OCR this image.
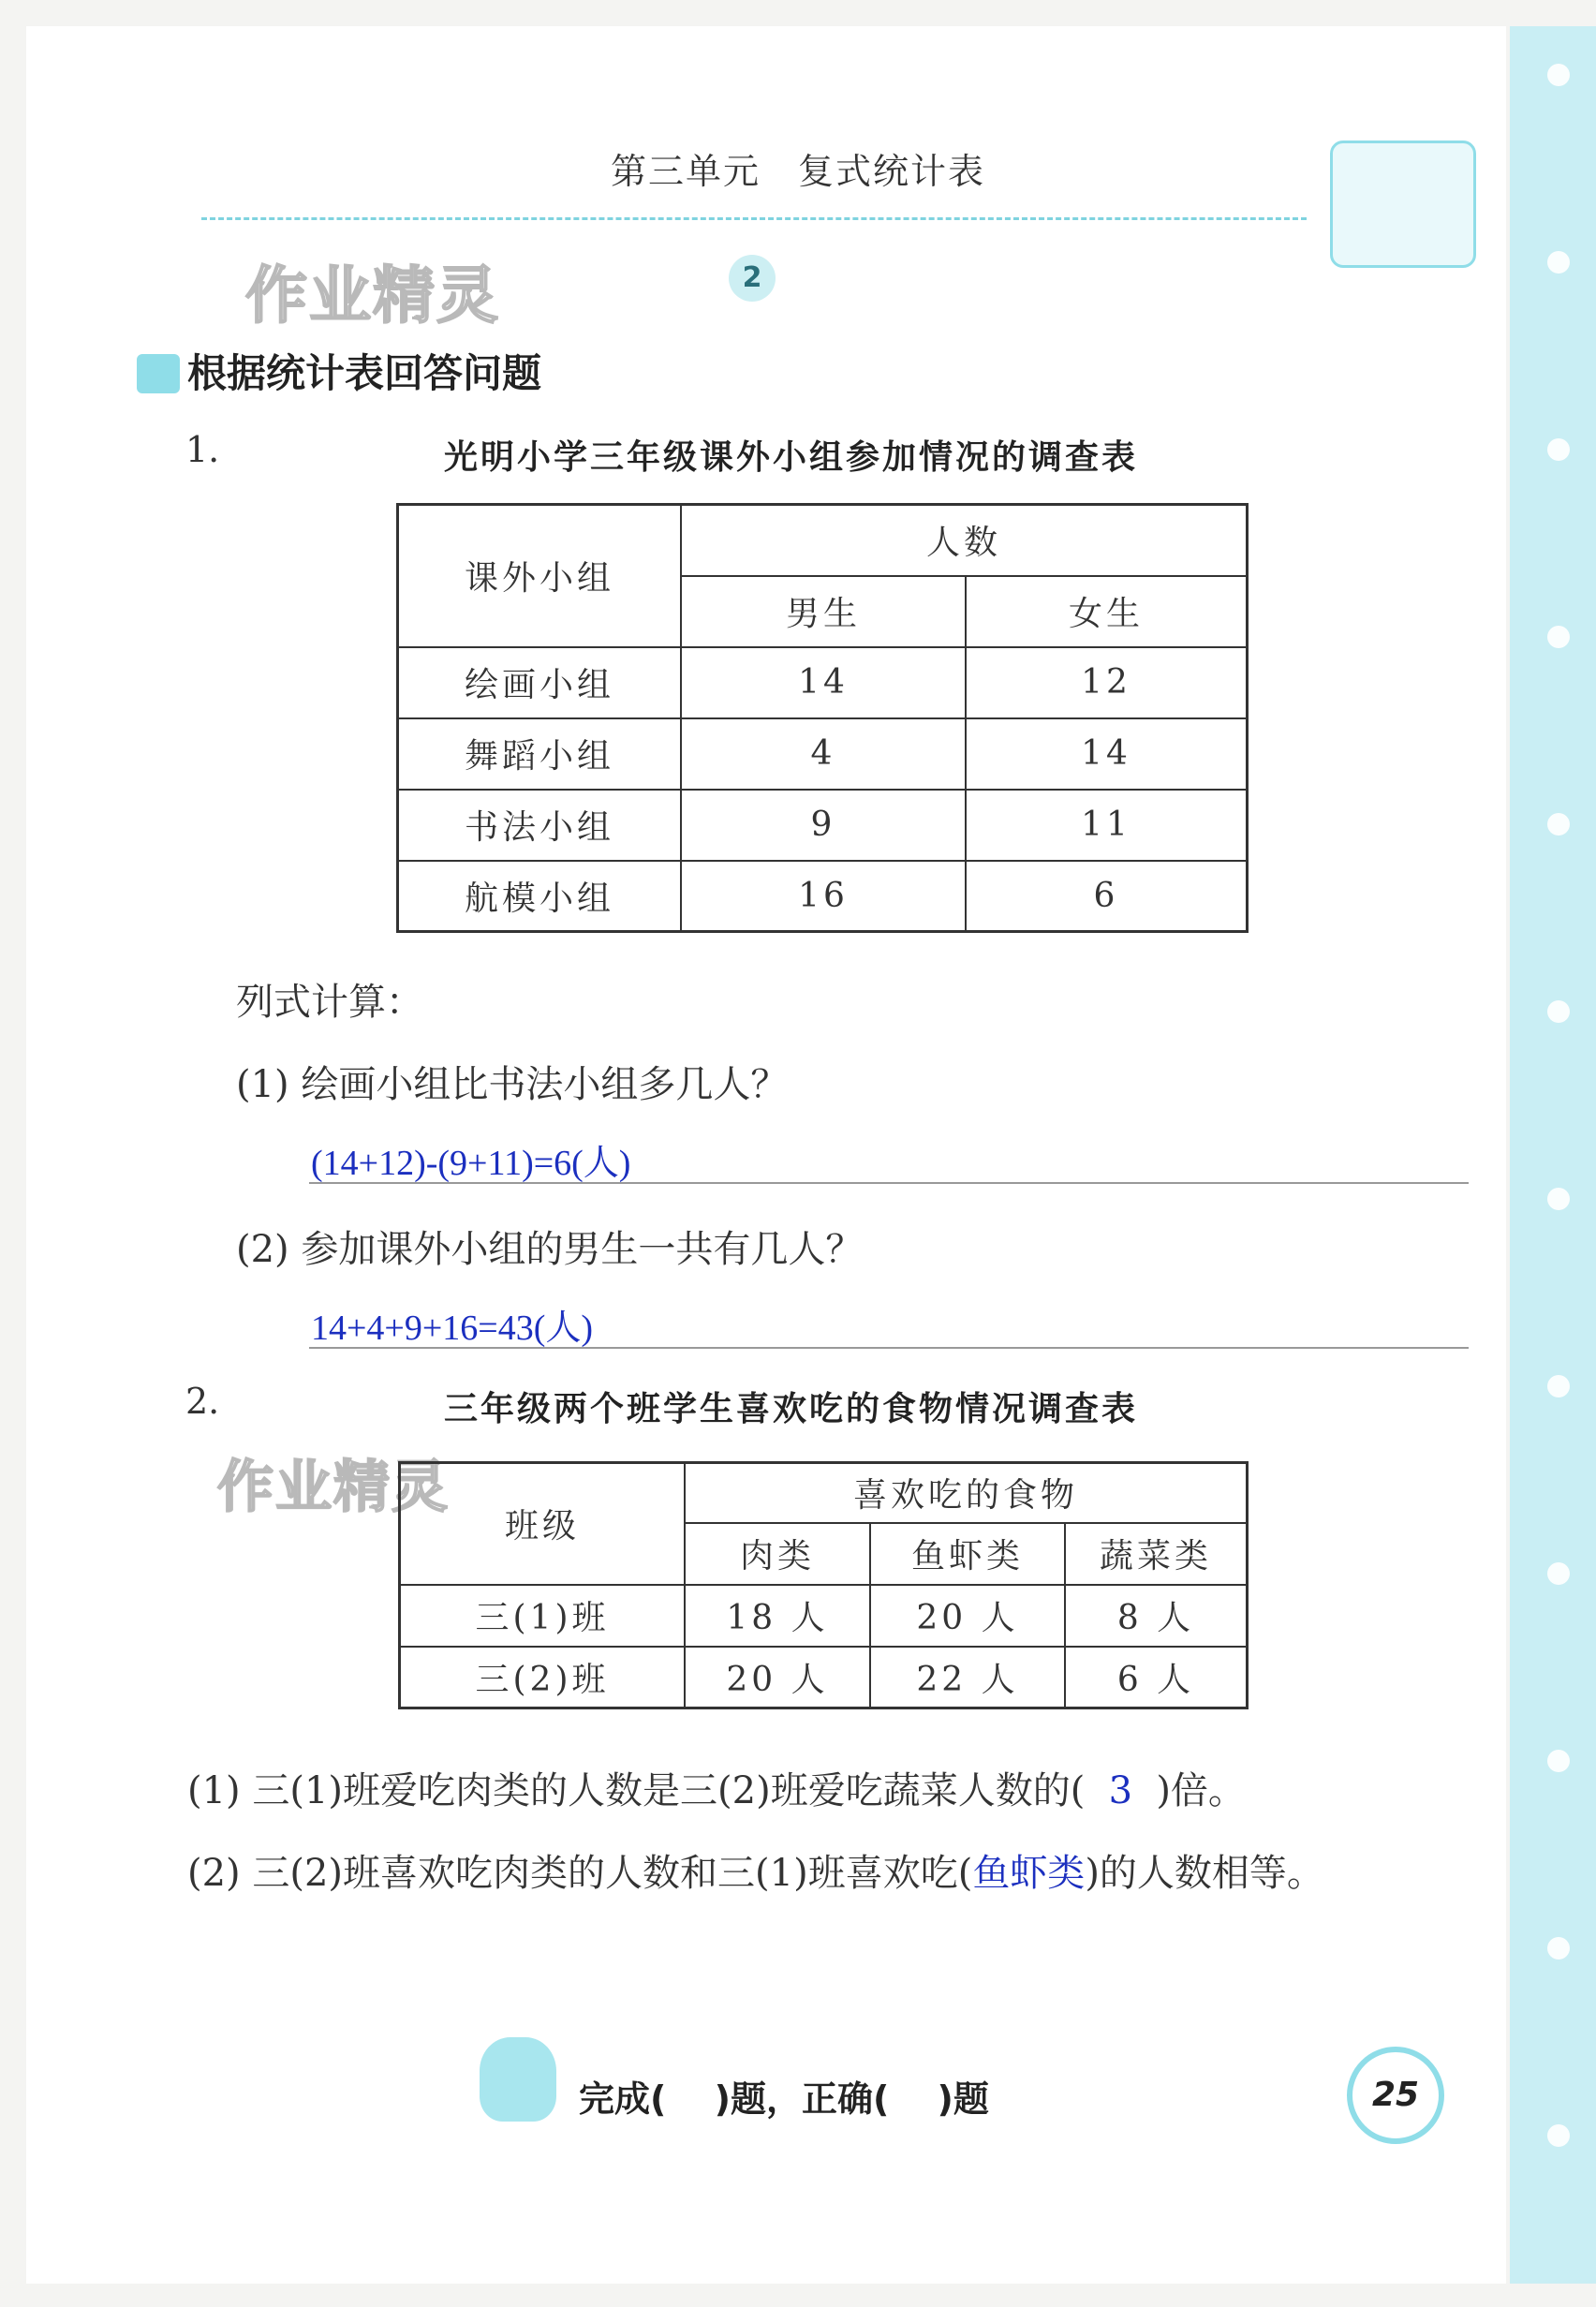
第三单元　复式统计表
作业精灵	2
根据统计表回答问题
1.	光明小学三年级课外小组参加情况的调查表
课外小组	人数	
	男生	女生
绘画小组	14	12
舞蹈小组	4	14
书法小组	9	11
航模小组	16	6
列式计算：
(1) 绘画小组比书法小组多几人？
(14+12)-(9+11)=6(人)
(2) 参加课外小组的男生一共有几人？
14+4+9+16=43(人)
2.	三年级两个班学生喜欢吃的食物情况调查表
作业精灵
班级	喜欢吃的食物		
	肉类	鱼虾类	蔬菜类
三(1)班	18 人	20 人	8 人
三(2)班	20 人	22 人	6 人
(1) 三(1)班爱吃肉类的人数是三(2)班爱吃蔬菜人数的( 3 )倍。
(2) 三(2)班喜欢吃肉类的人数和三(1)班喜欢吃(鱼虾类)的人数相等。
完成(　 )题，正确(　 )题	25
